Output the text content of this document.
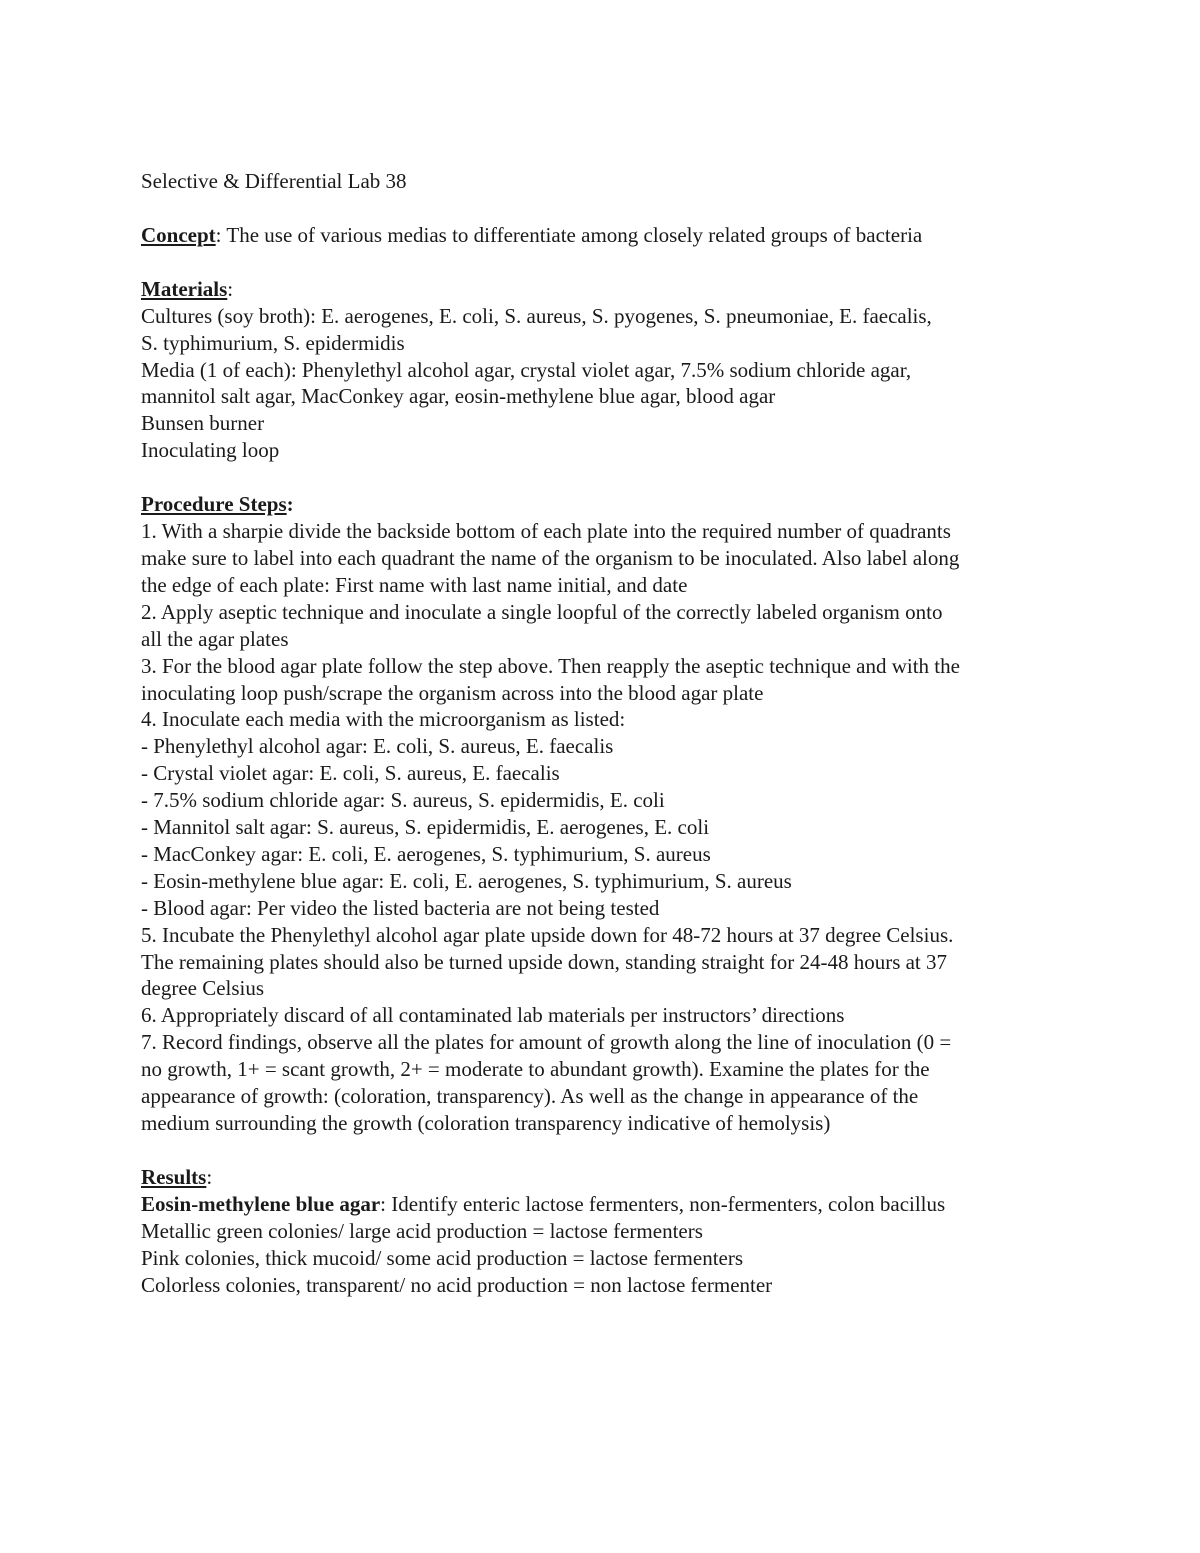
Selective & Differential Lab 38
Concept: The use of various medias to differentiate among closely related groups of bacteria
Materials:
Cultures (soy broth): E. aerogenes, E. coli, S. aureus, S. pyogenes, S. pneumoniae, E. faecalis,
S. typhimurium, S. epidermidis
Media (1 of each): Phenylethyl alcohol agar, crystal violet agar, 7.5% sodium chloride agar,
mannitol salt agar, MacConkey agar, eosin-methylene blue agar, blood agar
Bunsen burner
Inoculating loop
Procedure Steps:
1. With a sharpie divide the backside bottom of each plate into the required number of quadrants
make sure to label into each quadrant the name of the organism to be inoculated. Also label along
the edge of each plate: First name with last name initial, and date
2. Apply aseptic technique and inoculate a single loopful of the correctly labeled organism onto
all the agar plates
3. For the blood agar plate follow the step above. Then reapply the aseptic technique and with the
inoculating loop push/scrape the organism across into the blood agar plate
4. Inoculate each media with the microorganism as listed:
- Phenylethyl alcohol agar: E. coli, S. aureus, E. faecalis
- Crystal violet agar: E. coli, S. aureus, E. faecalis
- 7.5% sodium chloride agar: S. aureus, S. epidermidis, E. coli
- Mannitol salt agar: S. aureus, S. epidermidis, E. aerogenes, E. coli
- MacConkey agar: E. coli, E. aerogenes, S. typhimurium, S. aureus
- Eosin-methylene blue agar: E. coli, E. aerogenes, S. typhimurium, S. aureus
- Blood agar: Per video the listed bacteria are not being tested
5. Incubate the Phenylethyl alcohol agar plate upside down for 48-72 hours at 37 degree Celsius.
The remaining plates should also be turned upside down, standing straight for 24-48 hours at 37
degree Celsius
6. Appropriately discard of all contaminated lab materials per instructors’ directions
7. Record findings, observe all the plates for amount of growth along the line of inoculation (0 =
no growth, 1+ = scant growth, 2+ = moderate to abundant growth). Examine the plates for the
appearance of growth: (coloration, transparency). As well as the change in appearance of the
medium surrounding the growth (coloration transparency indicative of hemolysis)
Results:
Eosin-methylene blue agar: Identify enteric lactose fermenters, non-fermenters, colon bacillus
Metallic green colonies/ large acid production = lactose fermenters
Pink colonies, thick mucoid/ some acid production = lactose fermenters
Colorless colonies, transparent/ no acid production = non lactose fermenter
